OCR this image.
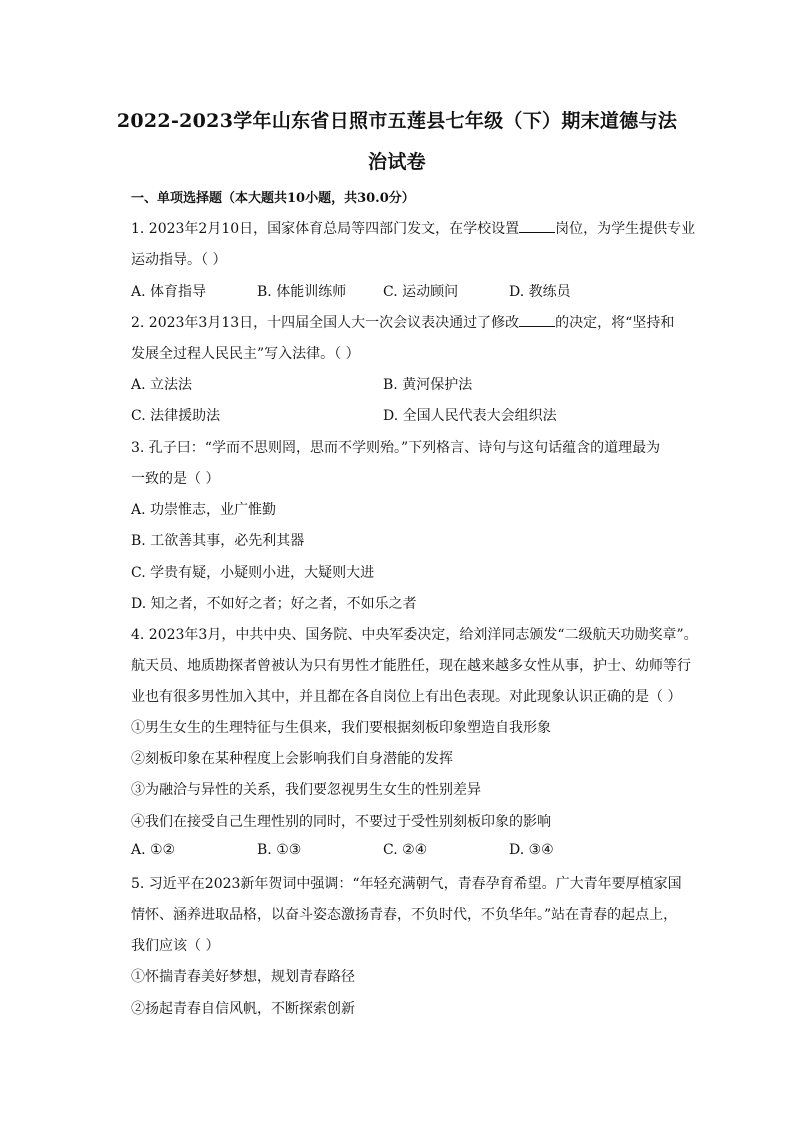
2022-2023学年山东省日照市五莲县七年级（下）期末道德与法
治试卷
一、单项选择题（本大题共10小题，共30.0分）
1. 2023年2月10日，国家体育总局等四部门发文，在学校设置	岗位，为学生提供专业
运动指导。（ ）
A. 体育指导	B. 体能训练师	C. 运动顾问	D. 教练员
2. 2023年3月13日，十四届全国人大一次会议表决通过了修改	的决定，将“坚持和
发展全过程人民民主”写入法律。（ ）
A. 立法法	B. 黄河保护法
C. 法律援助法	D. 全国人民代表大会组织法
3. 孔子曰：“学而不思则罔，思而不学则殆。”下列格言、诗句与这句话蕴含的道理最为
一致的是（ ）
A. 功崇惟志，业广惟勤
B. 工欲善其事，必先利其器
C. 学贵有疑，小疑则小进，大疑则大进
D. 知之者，不如好之者；好之者，不如乐之者
4. 2023年3月，中共中央、国务院、中央军委决定，给刘洋同志颁发“二级航天功勋奖章”。
航天员、地质勘探者曾被认为只有男性才能胜任，现在越来越多女性从事，护士、幼师等行
业也有很多男性加入其中，并且都在各自岗位上有出色表现。对此现象认识正确的是（ ）
①男生女生的生理特征与生俱来，我们要根据刻板印象塑造自我形象
②刻板印象在某种程度上会影响我们自身潜能的发挥
③为融洽与异性的关系，我们要忽视男生女生的性别差异
④我们在接受自己生理性别的同时，不要过于受性别刻板印象的影响
A. ①②	B. ①③	C. ②④	D. ③④
5. 习近平在2023新年贺词中强调：“年轻充满朝气，青春孕育希望。广大青年要厚植家国
情怀、涵养进取品格，以奋斗姿态激扬青春，不负时代，不负华年。”站在青春的起点上，
我们应该（ ）
①怀揣青春美好梦想，规划青春路径
②扬起青春自信风帆，不断探索创新
